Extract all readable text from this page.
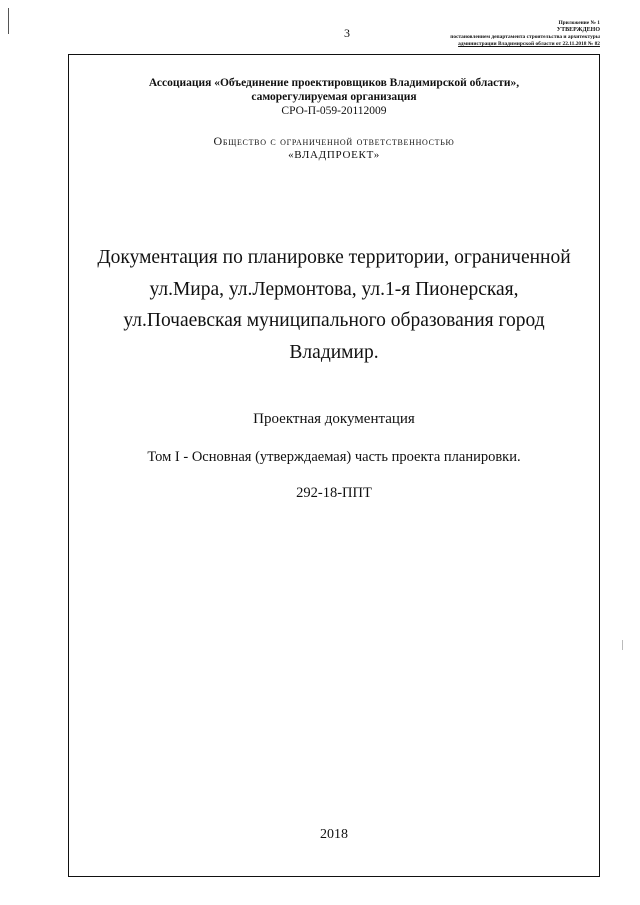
3
Приложение № 1
УТВЕРЖДЕНО
постановлением департамента строительства и архитектуры
администрации Владимирской области от 22.11.2018 № 82
Ассоциация «Объединение проектировщиков Владимирской области»,
саморегулируемая организация
СРО-П-059-20112009
Общество с ограниченной ответственностью
«ВЛАДПРОЕКТ»
Документация по планировке территории, ограниченной
ул.Мира, ул.Лермонтова, ул.1-я Пионерская,
ул.Почаевская муниципального образования город
Владимир.
Проектная документация
Том I - Основная (утверждаемая) часть проекта планировки.
292-18-ППТ
2018
